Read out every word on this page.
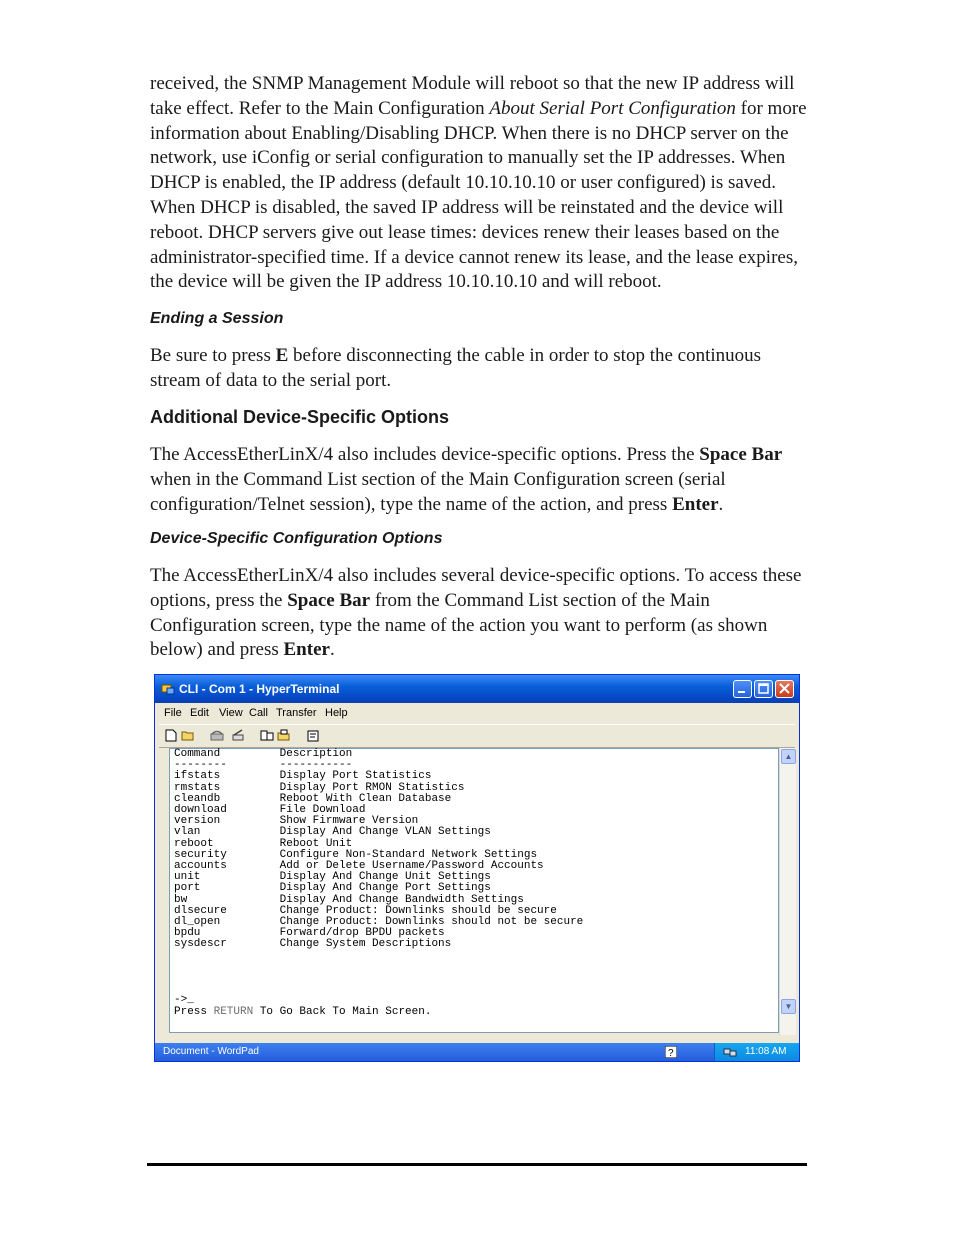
received, the SNMP Management Module will reboot so that the new IP address will take effect. Refer to the Main Configuration About Serial Port Configuration for more information about Enabling/Disabling DHCP. When there is no DHCP server on the network, use iConfig or serial configuration to manually set the IP addresses. When DHCP is enabled, the IP address (default 10.10.10.10 or user configured) is saved. When DHCP is disabled, the saved IP address will be reinstated and the device will reboot. DHCP servers give out lease times: devices renew their leases based on the administrator-specified time. If a device cannot renew its lease, and the lease expires, the device will be given the IP address 10.10.10.10 and will reboot.

Ending a Session

Be sure to press E before disconnecting the cable in order to stop the continuous stream of data to the serial port.

Additional Device-Specific Options

The AccessEtherLinX/4 also includes device-specific options. Press the Space Bar when in the Command List section of the Main Configuration screen (serial configuration/Telnet session), type the name of the action, and press Enter.

Device-Specific Configuration Options

The AccessEtherLinX/4 also includes several device-specific options. To access these options, press the Space Bar from the Command List section of the Main Configuration screen, type the name of the action you want to perform (as shown below) and press Enter.

CLI - Com 1 - HyperTerminal
File Edit View Call Transfer Help
Command         Description
--------        -----------
ifstats         Display Port Statistics
rmstats         Display Port RMON Statistics
cleandb         Reboot With Clean Database
download        File Download
version         Show Firmware Version
vlan            Display And Change VLAN Settings
reboot          Reboot Unit
security        Configure Non-Standard Network Settings
accounts        Add or Delete Username/Password Accounts
unit            Display And Change Unit Settings
port            Display And Change Port Settings
bw              Display And Change Bandwidth Settings
dlsecure        Change Product: Downlinks should be secure
dl_open         Change Product: Downlinks should not be secure
bpdu            Forward/drop BPDU packets
sysdescr        Change System Descriptions

->_
Press RETURN To Go Back To Main Screen.
▲
▼
Document - WordPad	?	11:08 AM
